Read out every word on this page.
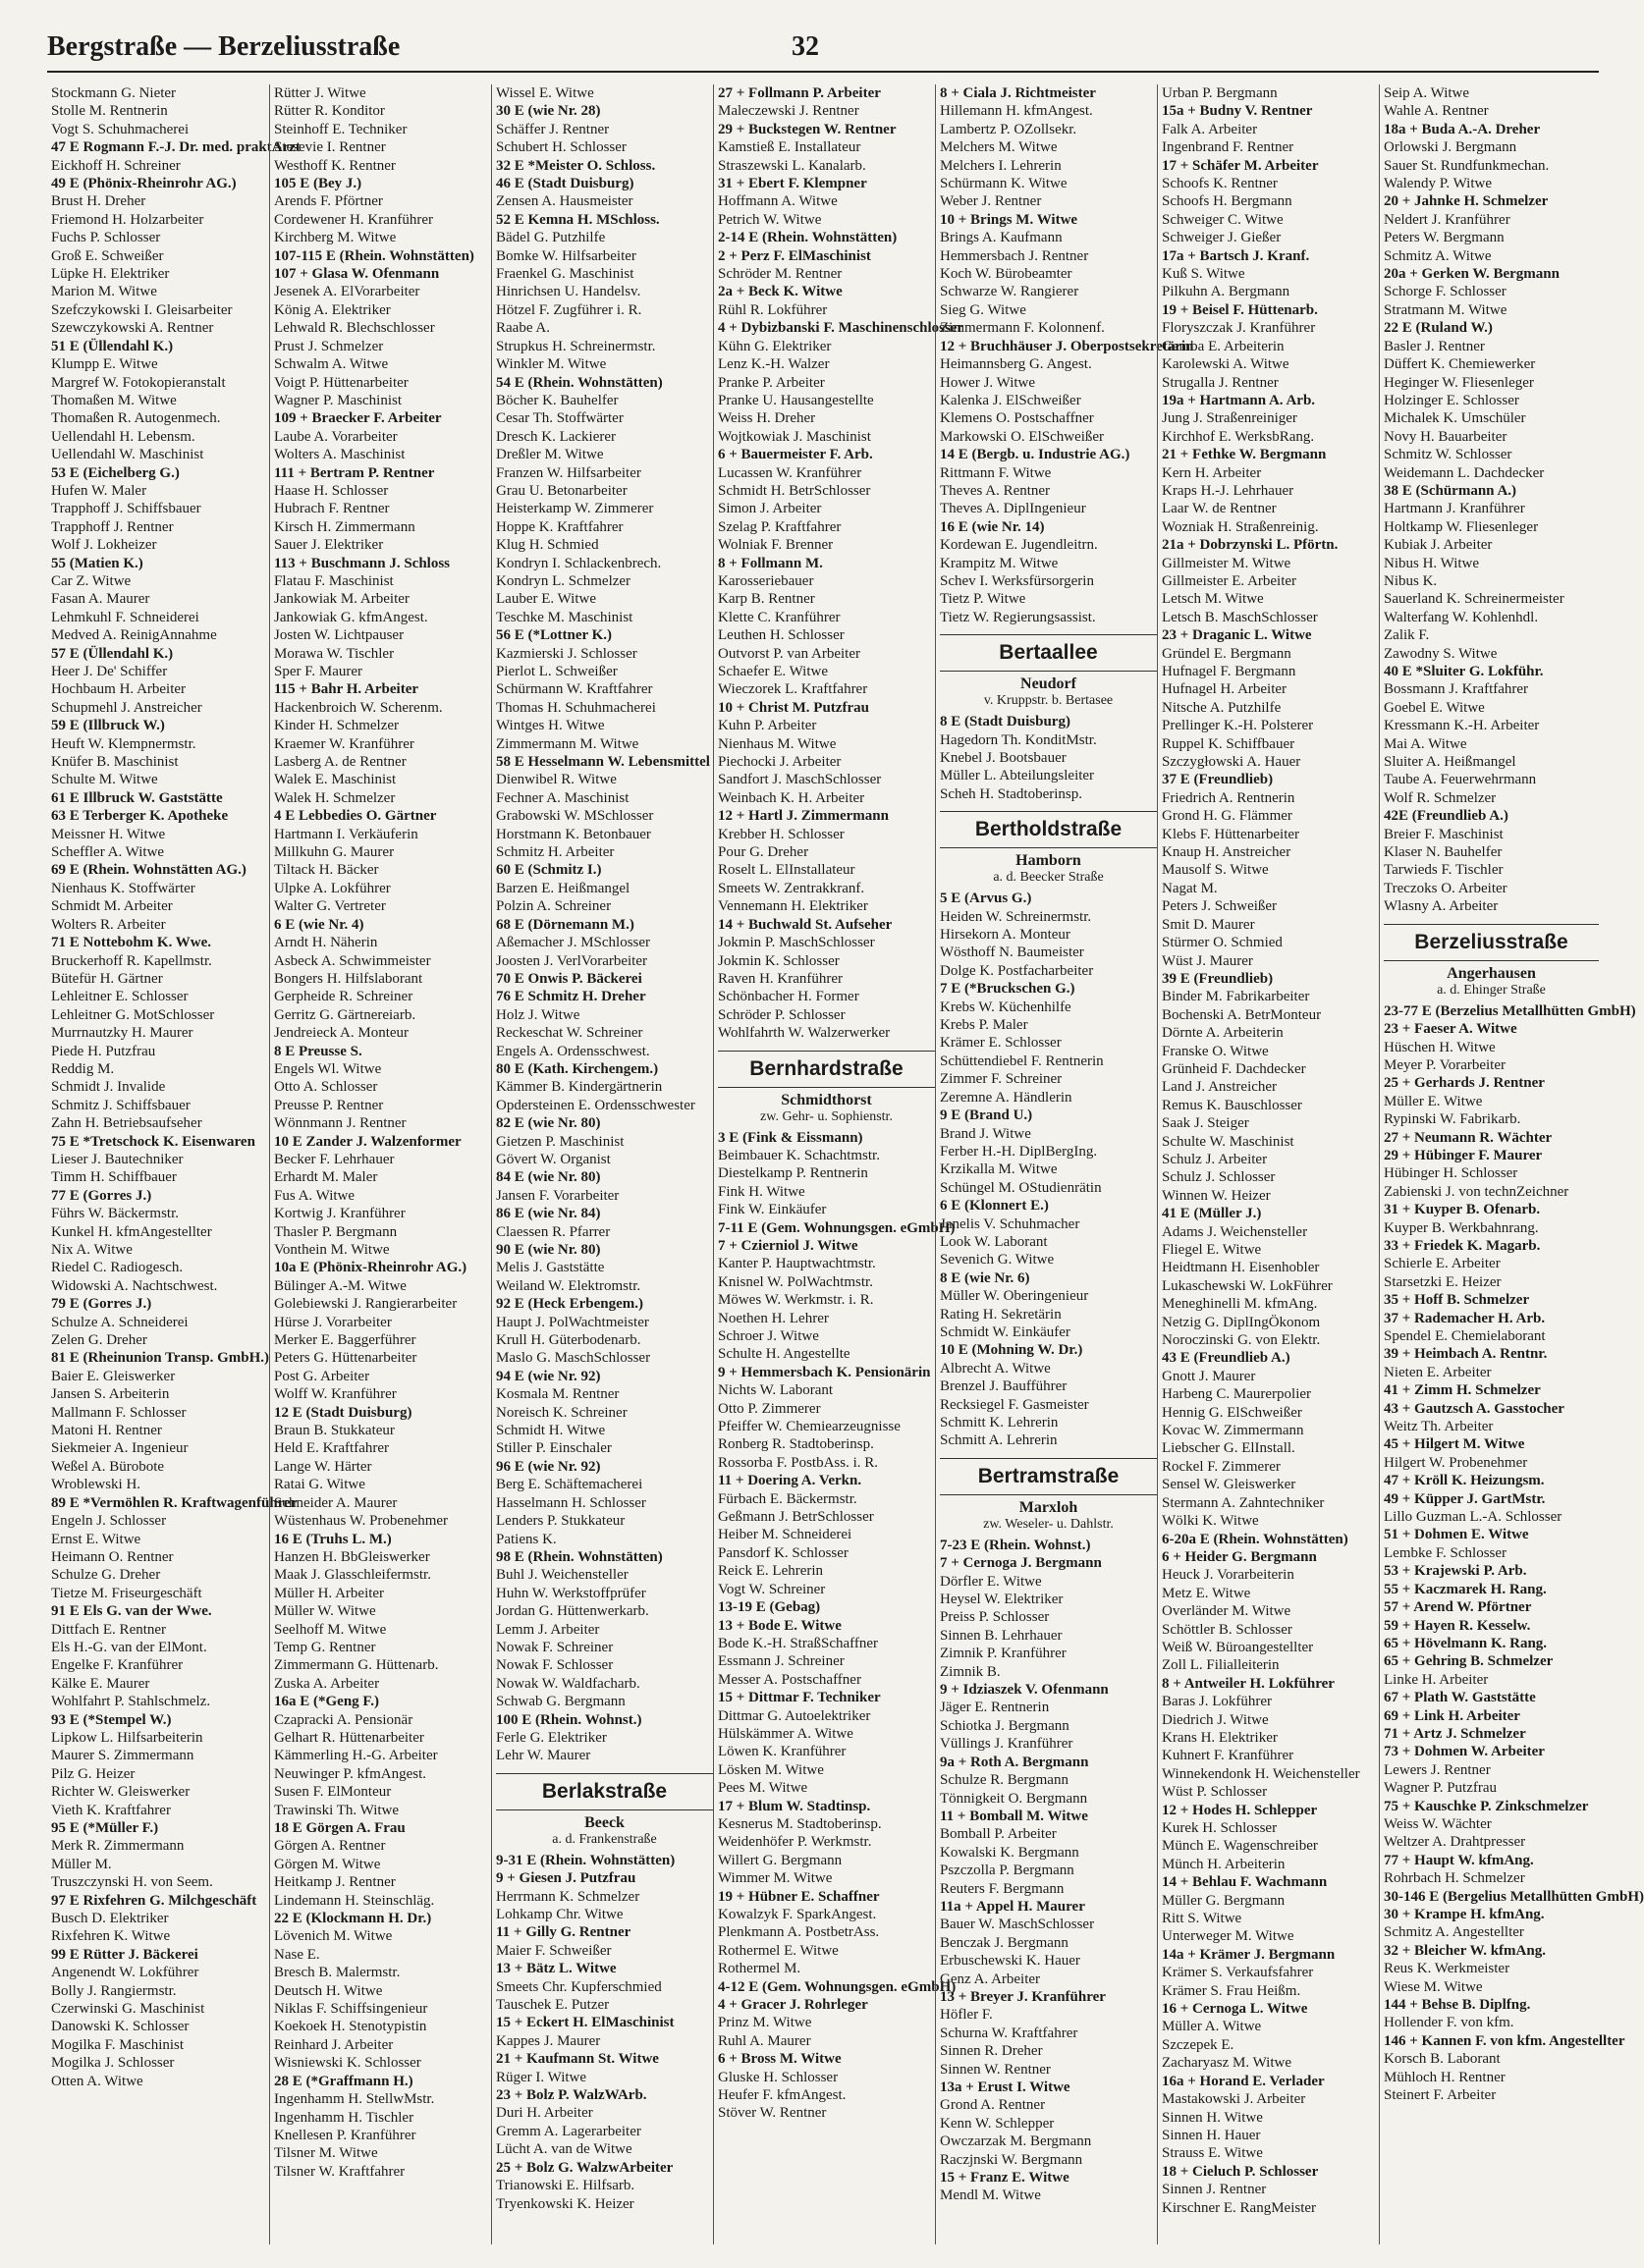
Bergstraße — Berzeliusstraße	32
Stockmann G. Nieter
Stolle M. Rentnerin
Vogt S. Schuhmacherei
47 E Rogmann F.-J. Dr. med. praktArzt
Eickhoff H. Schreiner
49 E (Phönix-Rheinrohr AG.)
Brust H. Dreher
Friemond H. Holzarbeiter
Fuchs P. Schlosser
Groß E. Schweißer
Lüpke H. Elektriker
Marion M. Witwe
Szefczykowski I. Gleisarbeiter
Szewczykowski A. Rentner
51 E (Üllendahl K.)
Klumpp E. Witwe
Margref W. Fotokopieranstalt
Thomaßen M. Witwe
Thomaßen R. Autogenmech.
Uellendahl H. Lebensm.
Uellendahl W. Maschinist
53 E (Eichelberg G.)
Hufen W. Maler
Trapphoff J. Schiffsbauer
Trapphoff J. Rentner
Wolf J. Lokheizer
55 (Matien K.)
Car Z. Witwe
Fasan A. Maurer
Lehmkuhl F. Schneiderei
Medved A. ReinigAnnahme
57 E (Üllendahl K.)
Heer J. De' Schiffer
Hochbaum H. Arbeiter
Schupmehl J. Anstreicher
59 E (Illbruck W.)
Heuft W. Klempnermstr.
Knüfer B. Maschinist
Schulte M. Witwe
61 E Illbruck W. Gaststätte
63 E Terberger K. Apotheke
Meissner H. Witwe
Scheffler A. Witwe
69 E (Rhein. Wohnstätten AG.)
Nienhaus K. Stoffwärter
Schmidt M. Arbeiter
Wolters R. Arbeiter
71 E Nottebohm K. Wwe.
Bruckerhoff R. Kapellmstr.
Bütefür H. Gärtner
Lehleitner E. Schlosser
Lehleitner G. MotSchlosser
Murrnautzky H. Maurer
Piede H. Putzfrau
Reddig M.
Schmidt J. Invalide
Schmitz J. Schiffsbauer
Zahn H. Betriebsaufseher
75 E *Tretschock K. Eisenwaren
Lieser J. Bautechniker
Timm H. Schiffbauer
77 E (Gorres J.)
Führs W. Bäckermstr.
Kunkel H. kfmAngestellter
Nix A. Witwe
Riedel C. Radiogesch.
Widowski A. Nachtschwest.
79 E (Gorres J.)
Schulze A. Schneiderei
Zelen G. Dreher
81 E (Rheinunion Transp. GmbH.)
Baier E. Gleiswerker
Jansen S. Arbeiterin
Mallmann F. Schlosser
Matoni H. Rentner
Siekmeier A. Ingenieur
Weßel A. Bürobote
Wroblewski H.
89 E *Vermöhlen R. Kraftwagenführer
Engeln J. Schlosser
Ernst E. Witwe
Heimann O. Rentner
Schulze G. Dreher
Tietze M. Friseurgeschäft
91 E Els G. van der Wwe.
Dittfach E. Rentner
Els H.-G. van der ElMont.
Engelke F. Kranführer
Kälke E. Maurer
Wohlfahrt P. Stahlschmelz.
93 E (*Stempel W.)
Lipkow L. Hilfsarbeiterin
Maurer S. Zimmermann
Pilz G. Heizer
Richter W. Gleiswerker
Vieth K. Kraftfahrer
95 E (*Müller F.)
Merk R. Zimmermann
Müller M.
Truszczynski H. von Seem.
97 E Rixfehren G. Milchgeschäft
Busch D. Elektriker
Rixfehren K. Witwe
99 E Rütter J. Bäckerei
Angenendt W. Lokführer
Bolly J. Rangiermstr.
Czerwinski G. Maschinist
Danowski K. Schlosser
Mogilka F. Maschinist
Mogilka J. Schlosser
Otten A. Witwe
Rütter J. Witwe
Rütter R. Konditor
Steinhoff E. Techniker
Stesevie I. Rentner
Westhoff K. Rentner
105 E (Bey J.)
Arends F. Pförtner
Cordewener H. Kranführer
Kirchberg M. Witwe
107-115 E (Rhein. Wohnstätten)
107 + Glasa W. Ofenmann
Jesenek A. ElVorarbeiter
König A. Elektriker
Lehwald R. Blechschlosser
Prust J. Schmelzer
Schwalm A. Witwe
Voigt P. Hüttenarbeiter
Wagner P. Maschinist
109 + Braecker F. Arbeiter
Laube A. Vorarbeiter
Wolters A. Maschinist
111 + Bertram P. Rentner
Haase H. Schlosser
Hubrach F. Rentner
Kirsch H. Zimmermann
Sauer J. Elektriker
113 + Buschmann J. Schloss
Flatau F. Maschinist
Jankowiak M. Arbeiter
Jankowiak G. kfmAngest.
Josten W. Lichtpauser
Morawa W. Tischler
Sper F. Maurer
115 + Bahr H. Arbeiter
Hackenbroich W. Scherenm.
Kinder H. Schmelzer
Kraemer W. Kranführer
Lasberg A. de Rentner
Walek E. Maschinist
Walek H. Schmelzer
4 E Lebbedies O. Gärtner
Hartmann I. Verkäuferin
Millkuhn G. Maurer
Tiltack H. Bäcker
Ulpke A. Lokführer
Walter G. Vertreter
6 E (wie Nr. 4)
Arndt H. Näherin
Asbeck A. Schwimmeister
Bongers H. Hilfslaborant
Gerpheide R. Schreiner
Gerritz G. Gärtnereiarb.
Jendreieck A. Monteur
8 E Preusse S.
Engels Wl. Witwe
Otto A. Schlosser
Preusse P. Rentner
Wönnmann J. Rentner
10 E Zander J. Walzenformer
Becker F. Lehrhauer
Erhardt M. Maler
Fus A. Witwe
Kortwig J. Kranführer
Thasler P. Bergmann
Vonthein M. Witwe
10a E (Phönix-Rheinrohr AG.)
Bülinger A.-M. Witwe
Golebiewski J. Rangierarbeiter
Hürse J. Vorarbeiter
Merker E. Baggerführer
Peters G. Hüttenarbeiter
Post G. Arbeiter
Wolff W. Kranführer
12 E (Stadt Duisburg)
Braun B. Stukkateur
Held E. Kraftfahrer
Lange W. Härter
Ratai G. Witwe
Schneider A. Maurer
Wüstenhaus W. Probenehmer
16 E (Truhs L. M.)
Hanzen H. BbGleiswerker
Maak J. Glasschleifermstr.
Müller H. Arbeiter
Müller W. Witwe
Seelhoff M. Witwe
Temp G. Rentner
Zimmermann G. Hüttenarb.
Zuska A. Arbeiter
16a E (*Geng F.)
Czapracki A. Pensionär
Gelhart R. Hüttenarbeiter
Kämmerling H.-G. Arbeiter
Neuwinger P. kfmAngest.
Susen F. ElMonteur
Trawinski Th. Witwe
18 E Görgen A. Frau
Görgen A. Rentner
Görgen M. Witwe
Heitkamp J. Rentner
Lindemann H. Steinschläg.
22 E (Klockmann H. Dr.)
Lövenich M. Witwe
Nase E.
Bresch B. Malermstr.
Deutsch H. Witwe
Niklas F. Schiffsingenieur
Koekoek H. Stenotypistin
Reinhard J. Arbeiter
Wisniewski K. Schlosser
28 E (*Graffmann H.)
Ingenhamm H. StellwMstr.
Ingenhamm H. Tischler
Knellesen P. Kranführer
Tilsner M. Witwe
Tilsner W. Kraftfahrer
Wissel E. Witwe
30 E (wie Nr. 28)
Schäffer J. Rentner
Schubert H. Schlosser
32 E *Meister O. Schloss.
46 E (Stadt Duisburg)
Zensen A. Hausmeister
52 E Kemna H. MSchloss.
Bädel G. Putzhilfe
Bomke W. Hilfsarbeiter
Fraenkel G. Maschinist
Hinrichsen U. Handelsv.
Hötzel F. Zugführer i. R.
Raabe A.
Strupkus H. Schreinermstr.
Winkler M. Witwe
54 E (Rhein. Wohnstätten)
Böcher K. Bauhelfer
Cesar Th. Stoffwärter
Dresch K. Lackierer
Dreßler M. Witwe
Franzen W. Hilfsarbeiter
Grau U. Betonarbeiter
Heisterkamp W. Zimmerer
Hoppe K. Kraftfahrer
Klug H. Schmied
Kondryn I. Schlackenbrech.
Kondryn L. Schmelzer
Lauber E. Witwe
Teschke M. Maschinist
56 E (*Lottner K.)
Kazmierski J. Schlosser
Pierlot L. Schweißer
Schürmann W. Kraftfahrer
Thomas H. Schuhmacherei
Wintges H. Witwe
Zimmermann M. Witwe
58 E Hesselmann W. Lebensmittel
Dienwibel R. Witwe
Fechner A. Maschinist
Grabowski W. MSchlosser
Horstmann K. Betonbauer
Schmitz H. Arbeiter
60 E (Schmitz I.)
Barzen E. Heißmangel
Polzin A. Schreiner
68 E (Dörnemann M.)
Aßemacher J. MSchlosser
Joosten J. VerlVorarbeiter
70 E Onwis P. Bäckerei
76 E Schmitz H. Dreher
Holz J. Witwe
Reckeschat W. Schreiner
Engels A. Ordensschwest.
80 E (Kath. Kirchengem.)
Kämmer B. Kindergärtnerin
Opdersteinen E. Ordensschwester
82 E (wie Nr. 80)
Gietzen P. Maschinist
Gövert W. Organist
84 E (wie Nr. 80)
Jansen F. Vorarbeiter
86 E (wie Nr. 84)
Claessen R. Pfarrer
90 E (wie Nr. 80)
Melis J. Gaststätte
Weiland W. Elektromstr.
92 E (Heck Erbengem.)
Haupt J. PolWachtmeister
Krull H. Güterbodenarb.
Maslo G. MaschSchlosser
94 E (wie Nr. 92)
Kosmala M. Rentner
Noreisch K. Schreiner
Schmidt H. Witwe
Stiller P. Einschaler
96 E (wie Nr. 92)
Berg E. Schäftemacherei
Hasselmann H. Schlosser
Lenders P. Stukkateur
Patiens K.
98 E (Rhein. Wohnstätten)
Buhl J. Weichensteller
Huhn W. Werkstoffprüfer
Jordan G. Hüttenwerkarb.
Lemm J. Arbeiter
Nowak F. Schreiner
Nowak F. Schlosser
Nowak W. Waldfacharb.
Schwab G. Bergmann
100 E (Rhein. Wohnst.)
Ferle G. Elektriker
Lehr W. Maurer
Berlakstraße
Beeck
a. d. Frankenstraße
9-31 E (Rhein. Wohnstätten)
9 + Giesen J. Putzfrau
Herrmann K. Schmelzer
Lohkamp Chr. Witwe
11 + Gilly G. Rentner
Maier F. Schweißer
13 + Bätz L. Witwe
Smeets Chr. Kupferschmied
Tauschek E. Putzer
15 + Eckert H. ElMaschinist
Kappes J. Maurer
21 + Kaufmann St. Witwe
Rüger I. Witwe
23 + Bolz P. WalzWArb.
Duri H. Arbeiter
Gremm A. Lagerarbeiter
Lücht A. van de Witwe
25 + Bolz G. WalzwArbeiter
Trianowski E. Hilfsarb.
Tryenkowski K. Heizer
27 + Follmann P. Arbeiter
Maleczewski J. Rentner
29 + Buckstegen W. Rentner
Kamstieß E. Installateur
Straszewski L. Kanalarb.
31 + Ebert F. Klempner
Hoffmann A. Witwe
Petrich W. Witwe
2-14 E (Rhein. Wohnstätten)
2 + Perz F. ElMaschinist
Schröder M. Rentner
2a + Beck K. Witwe
Rühl R. Lokführer
4 + Dybizbanski F. Maschinenschlosser
Kühn G. Elektriker
Lenz K.-H. Walzer
Pranke P. Arbeiter
Pranke U. Hausangestellte
Weiss H. Dreher
Wojtkowiak J. Maschinist
6 + Bauermeister F. Arb.
Lucassen W. Kranführer
Schmidt H. BetrSchlosser
Simon J. Arbeiter
Szelag P. Kraftfahrer
Wolniak F. Brenner
8 + Follmann M.
Karosseriebauer
Karp B. Rentner
Klette C. Kranführer
Leuthen H. Schlosser
Outvorst P. van Arbeiter
Schaefer E. Witwe
Wieczorek L. Kraftfahrer
10 + Christ M. Putzfrau
Kuhn P. Arbeiter
Nienhaus M. Witwe
Piechocki J. Arbeiter
Sandfort J. MaschSchlosser
Weinbach K. H. Arbeiter
12 + Hartl J. Zimmermann
Krebber H. Schlosser
Pour G. Dreher
Roselt L. ElInstallateur
Smeets W. Zentrakkranf.
Vennemann H. Elektriker
14 + Buchwald St. Aufseher
Jokmin P. MaschSchlosser
Jokmin K. Schlosser
Raven H. Kranführer
Schönbacher H. Former
Schröder P. Schlosser
Wohlfahrth W. Walzerwerker
Bernhardstraße
Schmidthorst
zw. Gehr- u. Sophienstr.
3 E (Fink & Eissmann)
Beimbauer K. Schachtmstr.
Diestelkamp P. Rentnerin
Fink H. Witwe
Fink W. Einkäufer
7-11 E (Gem. Wohnungsgen. eGmbH)
7 + Czierniol J. Witwe
Kanter P. Hauptwachtmstr.
Knisnel W. PolWachtmstr.
Möwes W. Werkmstr. i. R.
Noethen H. Lehrer
Schroer J. Witwe
Schulte H. Angestellte
9 + Hemmersbach K. Pensionärin
Nichts W. Laborant
Otto P. Zimmerer
Pfeiffer W. Chemiearzeugnisse
Ronberg R. Stadtoberinsp.
Rossorba F. PostbAss. i. R.
11 + Doering A. Verkn.
Fürbach E. Bäckermstr.
Geßmann J. BetrSchlosser
Heiber M. Schneiderei
Pansdorf K. Schlosser
Reick E. Lehrerin
Vogt W. Schreiner
13-19 E (Gebag)
13 + Bode E. Witwe
Bode K.-H. StraßSchaffner
Essmann J. Schreiner
Messer A. Postschaffner
15 + Dittmar F. Techniker
Dittmar G. Autoelektriker
Hülskämmer A. Witwe
Löwen K. Kranführer
Lösken M. Witwe
Pees M. Witwe
17 + Blum W. Stadtinsp.
Kesnerus M. Stadtoberinsp.
Weidenhöfer P. Werkmstr.
Willert G. Bergmann
Wimmer M. Witwe
19 + Hübner E. Schaffner
Kowalzyk F. SparkAngest.
Plenkmann A. PostbetrAss.
Rothermel E. Witwe
Rothermel M.
4-12 E (Gem. Wohnungsgen. eGmbH)
4 + Gracer J. Rohrleger
Prinz M. Witwe
Ruhl A. Maurer
6 + Bross M. Witwe
Gluske H. Schlosser
Heufer F. kfmAngest.
Stöver W. Rentner
8 + Ciala J. Richtmeister
Hillemann H. kfmAngest.
Lambertz P. OZollsekr.
Melchers M. Witwe
Melchers I. Lehrerin
Schürmann K. Witwe
Weber J. Rentner
10 + Brings M. Witwe
Brings A. Kaufmann
Hemmersbach J. Rentner
Koch W. Bürobeamter
Schwarze W. Rangierer
Sieg G. Witwe
Zimmermann F. Kolonnenf.
12 + Bruchhäuser J. Oberpostsekretärin
Heimannsberg G. Angest.
Hower J. Witwe
Kalenka J. ElSchweißer
Klemens O. Postschaffner
Markowski O. ElSchweißer
14 E (Bergb. u. Industrie AG.)
Rittmann F. Witwe
Theves A. Rentner
Theves A. DiplIngenieur
16 E (wie Nr. 14)
Kordewan E. Jugendleitrn.
Krampitz M. Witwe
Schev I. Werksfürsorgerin
Tietz P. Witwe
Tietz W. Regierungsassist.
Bertaallee
Neudorf
v. Kruppstr. b. Bertasee
8 E (Stadt Duisburg)
Hagedorn Th. KonditMstr.
Knebel J. Bootsbauer
Müller L. Abteilungsleiter
Scheh H. Stadtoberinsp.
Bertholdstraße
Hamborn
a. d. Beecker Straße
5 E (Arvus G.)
Heiden W. Schreinermstr.
Hirsekorn A. Monteur
Wösthoff N. Baumeister
Dolge K. Postfacharbeiter
7 E (*Bruckschen G.)
Krebs W. Küchenhilfe
Krebs P. Maler
Krämer E. Schlosser
Schüttendiebel F. Rentnerin
Zimmer F. Schreiner
Zeremne A. Händlerin
9 E (Brand U.)
Brand J. Witwe
Ferber H.-H. DiplBergIng.
Krzikalla M. Witwe
Schüngel M. OStudienrätin
6 E (Klonnert E.)
Janelis V. Schuhmacher
Look W. Laborant
Sevenich G. Witwe
8 E (wie Nr. 6)
Müller W. Oberingenieur
Rating H. Sekretärin
Schmidt W. Einkäufer
10 E (Mohning W. Dr.)
Albrecht A. Witwe
Brenzel J. Baufführer
Recksiegel F. Gasmeister
Schmitt K. Lehrerin
Schmitt A. Lehrerin
Bertramstraße
Marxloh
zw. Weseler- u. Dahlstr.
7-23 E (Rhein. Wohnst.)
7 + Cernoga J. Bergmann
Dörfler E. Witwe
Heysel W. Elektriker
Preiss P. Schlosser
Sinnen B. Lehrhauer
Zimnik P. Kranführer
Zimnik B.
9 + Idziaszek V. Ofenmann
Jäger E. Rentnerin
Schiotka J. Bergmann
Vüllings J. Kranführer
9a + Roth A. Bergmann
Schulze R. Bergmann
Tönnigkeit O. Bergmann
11 + Bomball M. Witwe
Bomball P. Arbeiter
Kowalski K. Bergmann
Pszczolla P. Bergmann
Reuters F. Bergmann
11a + Appel H. Maurer
Bauer W. MaschSchlosser
Benczak J. Bergmann
Erbuschewski K. Hauer
Genz A. Arbeiter
13 + Breyer J. Kranführer
Höfler F.
Schurna W. Kraftfahrer
Sinnen R. Dreher
Sinnen W. Rentner
13a + Erust I. Witwe
Grond A. Rentner
Kenn W. Schlepper
Owczarzak M. Bergmann
Raczjnski W. Bergmann
15 + Franz E. Witwe
Mendl M. Witwe
Urban P. Bergmann
15a + Budny V. Rentner
Falk A. Arbeiter
Ingenbrand F. Rentner
17 + Schäfer M. Arbeiter
Schoofs K. Rentner
Schoofs H. Bergmann
Schweiger C. Witwe
Schweiger J. Gießer
17a + Bartsch J. Kranf.
Kuß S. Witwe
Pilkuhn A. Bergmann
19 + Beisel F. Hüttenarb.
Floryszczak J. Kranführer
Gemba E. Arbeiterin
Karolewski A. Witwe
Strugalla J. Rentner
19a + Hartmann A. Arb.
Jung J. Straßenreiniger
Kirchhof E. WerksbRang.
21 + Fethke W. Bergmann
Kern H. Arbeiter
Kraps H.-J. Lehrhauer
Laar W. de Rentner
Wozniak H. Straßenreinig.
21a + Dobrzynski L. Pförtn.
Gillmeister M. Witwe
Gillmeister E. Arbeiter
Letsch M. Witwe
Letsch B. MaschSchlosser
23 + Draganic L. Witwe
Gründel E. Bergmann
Hufnagel F. Bergmann
Hufnagel H. Arbeiter
Nitsche A. Putzhilfe
Prellinger K.-H. Polsterer
Ruppel K. Schiffbauer
Szczygłowski A. Hauer
37 E (Freundlieb)
Friedrich A. Rentnerin
Grond H. G. Flämmer
Klebs F. Hüttenarbeiter
Knaup H. Anstreicher
Mausolf S. Witwe
Nagat M.
Peters J. Schweißer
Smit D. Maurer
Stürmer O. Schmied
Wüst J. Maurer
39 E (Freundlieb)
Binder M. Fabrikarbeiter
Bochenski A. BetrMonteur
Dörnte A. Arbeiterin
Franske O. Witwe
Grünheid F. Dachdecker
Land J. Anstreicher
Remus K. Bauschlosser
Saak J. Steiger
Schulte W. Maschinist
Schulz J. Arbeiter
Schulz J. Schlosser
Winnen W. Heizer
41 E (Müller J.)
Adams J. Weichensteller
Fliegel E. Witwe
Heidtmann H. Eisenhobler
Lukaschewski W. LokFührer
Meneghinelli M. kfmAng.
Netzig G. DiplIngÖkonom
Noroczinski G. von Elektr.
43 E (Freundlieb A.)
Gnott J. Maurer
Harbeng C. Maurerpolier
Hennig G. ElSchweißer
Kovac W. Zimmermann
Liebscher G. ElInstall.
Rockel F. Zimmerer
Sensel W. Gleiswerker
Stermann A. Zahntechniker
Wölki K. Witwe
6-20a E (Rhein. Wohnstätten)
6 + Heider G. Bergmann
Heuck J. Vorarbeiterin
Metz E. Witwe
Overländer M. Witwe
Schöttler B. Schlosser
Weiß W. Büroangestellter
Zoll L. Filialleiterin
8 + Antweiler H. Lokführer
Baras J. Lokführer
Diedrich J. Witwe
Krans H. Elektriker
Kuhnert F. Kranführer
Winnekendonk H. Weichensteller
Wüst P. Schlosser
12 + Hodes H. Schlepper
Kurek H. Schlosser
Münch E. Wagenschreiber
Münch H. Arbeiterin
14 + Behlau F. Wachmann
Müller G. Bergmann
Ritt S. Witwe
Unterweger M. Witwe
14a + Krämer J. Bergmann
Krämer S. Verkaufsfahrer
Krämer S. Frau Heißm.
16 + Cernoga L. Witwe
Müller A. Witwe
Szczepek E.
Zacharyasz M. Witwe
16a + Horand E. Verlader
Mastakowski J. Arbeiter
Sinnen H. Witwe
Sinnen H. Hauer
Strauss E. Witwe
18 + Cieluch P. Schlosser
Sinnen J. Rentner
Kirschner E. RangMeister
Seip A. Witwe
Wahle A. Rentner
18a + Buda A.-A. Dreher
Orlowski J. Bergmann
Sauer St. Rundfunkmechan.
Walendy P. Witwe
20 + Jahnke H. Schmelzer
Neldert J. Kranführer
Peters W. Bergmann
Schmitz A. Witwe
20a + Gerken W. Bergmann
Schorge F. Schlosser
Stratmann M. Witwe
22 E (Ruland W.)
Basler J. Rentner
Düffert K. Chemiewerker
Heginger W. Fliesenleger
Holzinger E. Schlosser
Michalek K. Umschüler
Novy H. Bauarbeiter
Schmitz W. Schlosser
Weidemann L. Dachdecker
38 E (Schürmann A.)
Hartmann J. Kranführer
Holtkamp W. Fliesenleger
Kubiak J. Arbeiter
Nibus H. Witwe
Nibus K.
Sauerland K. Schreinermeister
Walterfang W. Kohlenhdl.
Zalik F.
Zawodny S. Witwe
40 E *Sluiter G. Lokführ.
Bossmann J. Kraftfahrer
Goebel E. Witwe
Kressmann K.-H. Arbeiter
Mai A. Witwe
Sluiter A. Heißmangel
Taube A. Feuerwehrmann
Wolf R. Schmelzer
42E (Freundlieb A.)
Breier F. Maschinist
Klaser N. Bauhelfer
Tarwieds F. Tischler
Treczoks O. Arbeiter
Wlasny A. Arbeiter
Berzeliusstraße
Angerhausen
a. d. Ehinger Straße
23-77 E (Berzelius Metallhütten GmbH)
23 + Faeser A. Witwe
Hüschen H. Witwe
Meyer P. Vorarbeiter
25 + Gerhards J. Rentner
Müller E. Witwe
Rypinski W. Fabrikarb.
27 + Neumann R. Wächter
29 + Hübinger F. Maurer
Hübinger H. Schlosser
Zabienski J. von technZeichner
31 + Kuyper B. Ofenarb.
Kuyper B. Werkbahnrang.
33 + Friedek K. Magarb.
Schierle E. Arbeiter
Starsetzki E. Heizer
35 + Hoff B. Schmelzer
37 + Rademacher H. Arb.
Spendel E. Chemielaborant
39 + Heimbach A. Rentnr.
Nieten E. Arbeiter
41 + Zimm H. Schmelzer
43 + Gautzsch A. Gasstocher
Weitz Th. Arbeiter
45 + Hilgert M. Witwe
Hilgert W. Probenehmer
47 + Kröll K. Heizungsm.
49 + Küpper J. GartMstr.
Lillo Guzman L.-A. Schlosser
51 + Dohmen E. Witwe
Lembke F. Schlosser
53 + Krajewski P. Arb.
55 + Kaczmarek H. Rang.
57 + Arend W. Pförtner
59 + Hayen R. Kesselw.
65 + Hövelmann K. Rang.
65 + Gehring B. Schmelzer
Linke H. Arbeiter
67 + Plath W. Gaststätte
69 + Link H. Arbeiter
71 + Artz J. Schmelzer
73 + Dohmen W. Arbeiter
Lewers J. Rentner
Wagner P. Putzfrau
75 + Kauschke P. Zinkschmelzer
Weiss W. Wächter
Weltzer A. Drahtpresser
77 + Haupt W. kfmAng.
Rohrbach H. Schmelzer
30-146 E (Bergelius Metallhütten GmbH)
30 + Krampe H. kfmAng.
Schmitz A. Angestellter
32 + Bleicher W. kfmAng.
Reus K. Werkmeister
Wiese M. Witwe
144 + Behse B. Diplfng.
Hollender F. von kfm.
146 + Kannen F. von kfm. Angestellter
Korsch B. Laborant
Mühloch H. Rentner
Steinert F. Arbeiter
